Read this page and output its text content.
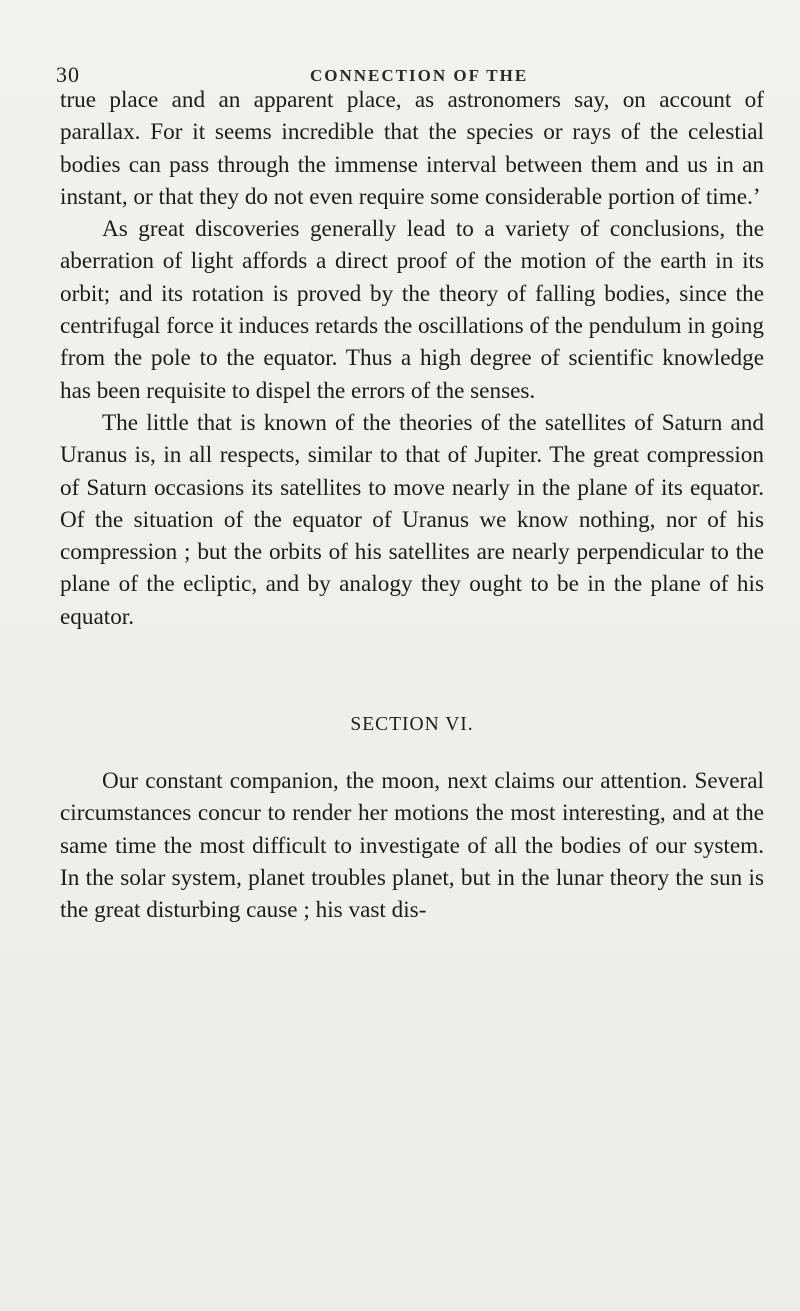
30	CONNECTION OF THE

true place and an apparent place, as astronomers say, on account of parallax. For it seems incredible that the species or rays of the celestial bodies can pass through the immense interval between them and us in an instant, or that they do not even require some considerable portion of time.’

As great discoveries generally lead to a variety of conclusions, the aberration of light affords a direct proof of the motion of the earth in its orbit; and its rotation is proved by the theory of falling bodies, since the centrifugal force it induces retards the oscillations of the pendulum in going from the pole to the equator. Thus a high degree of scientific knowledge has been requisite to dispel the errors of the senses.

The little that is known of the theories of the satellites of Saturn and Uranus is, in all respects, similar to that of Jupiter. The great compression of Saturn occasions its satellites to move nearly in the plane of its equator. Of the situation of the equator of Uranus we know nothing, nor of his compression ; but the orbits of his satellites are nearly perpendicular to the plane of the ecliptic, and by analogy they ought to be in the plane of his equator.

SECTION VI.

Our constant companion, the moon, next claims our attention. Several circumstances concur to render her motions the most interesting, and at the same time the most difficult to investigate of all the bodies of our system. In the solar system, planet troubles planet, but in the lunar theory the sun is the great disturbing cause ; his vast dis-
